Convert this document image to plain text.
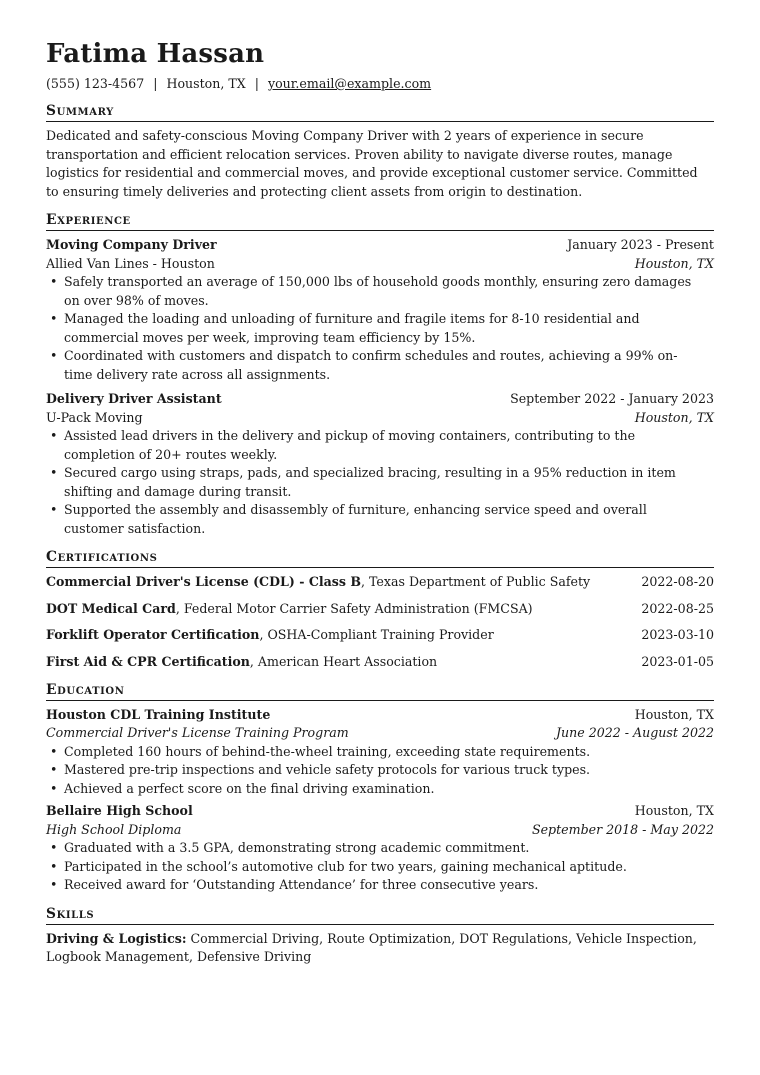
Fatima Hassan
(555) 123-4567 | Houston, TX | your.email@example.com
Summary
Dedicated and safety-conscious Moving Company Driver with 2 years of experience in secure transportation and efficient relocation services. Proven ability to navigate diverse routes, manage logistics for residential and commercial moves, and provide exceptional customer service. Committed to ensuring timely deliveries and protecting client assets from origin to destination.
Experience
Moving Company Driver	January 2023 - Present
Allied Van Lines - Houston	Houston, TX
• Safely transported an average of 150,000 lbs of household goods monthly, ensuring zero damages on over 98% of moves.
• Managed the loading and unloading of furniture and fragile items for 8-10 residential and commercial moves per week, improving team efficiency by 15%.
• Coordinated with customers and dispatch to confirm schedules and routes, achieving a 99% on-time delivery rate across all assignments.
Delivery Driver Assistant	September 2022 - January 2023
U-Pack Moving	Houston, TX
• Assisted lead drivers in the delivery and pickup of moving containers, contributing to the completion of 20+ routes weekly.
• Secured cargo using straps, pads, and specialized bracing, resulting in a 95% reduction in item shifting and damage during transit.
• Supported the assembly and disassembly of furniture, enhancing service speed and overall customer satisfaction.
Certifications
Commercial Driver's License (CDL) - Class B, Texas Department of Public Safety	2022-08-20
DOT Medical Card, Federal Motor Carrier Safety Administration (FMCSA)	2022-08-25
Forklift Operator Certification, OSHA-Compliant Training Provider	2023-03-10
First Aid & CPR Certification, American Heart Association	2023-01-05
Education
Houston CDL Training Institute	Houston, TX
Commercial Driver's License Training Program	June 2022 - August 2022
• Completed 160 hours of behind-the-wheel training, exceeding state requirements.
• Mastered pre-trip inspections and vehicle safety protocols for various truck types.
• Achieved a perfect score on the final driving examination.
Bellaire High School	Houston, TX
High School Diploma	September 2018 - May 2022
• Graduated with a 3.5 GPA, demonstrating strong academic commitment.
• Participated in the school’s automotive club for two years, gaining mechanical aptitude.
• Received award for ‘Outstanding Attendance’ for three consecutive years.
Skills
Driving & Logistics: Commercial Driving, Route Optimization, DOT Regulations, Vehicle Inspection, Logbook Management, Defensive Driving
